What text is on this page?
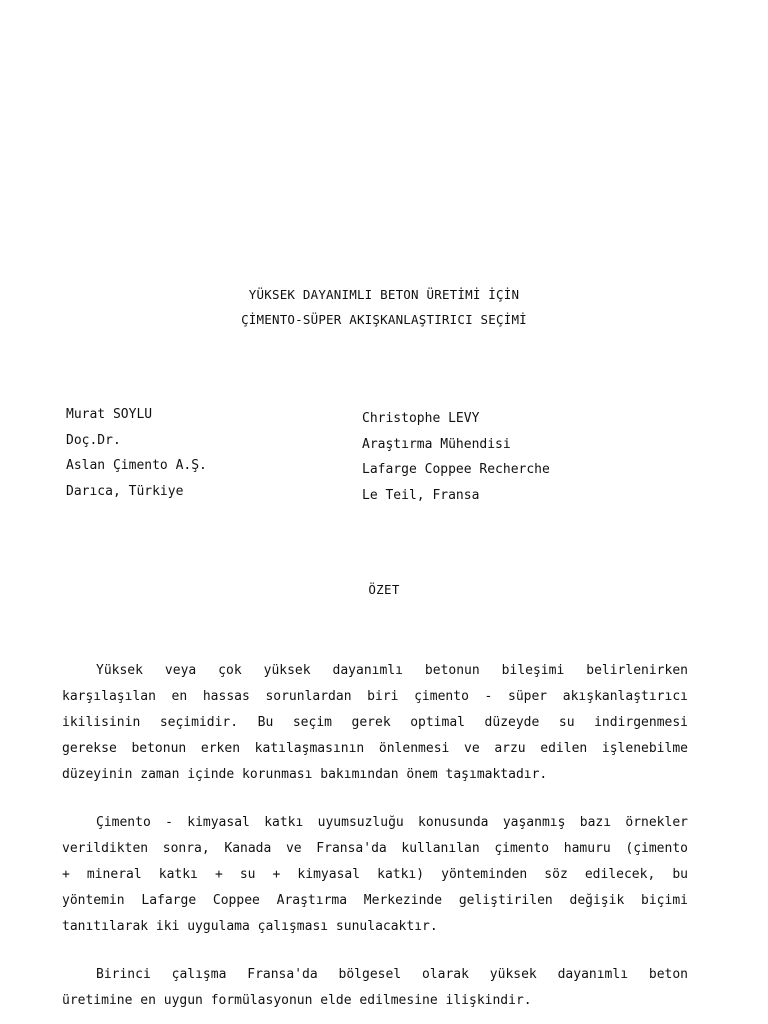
YÜKSEK DAYANIMLI BETON ÜRETİMİ İÇİN
ÇİMENTO-SÜPER AKIŞKANLAŞTIRICI SEÇİMİ
Murat SOYLU
Doç.Dr.
Aslan Çimento A.Ş.
Darıca, Türkiye
Christophe LEVY
Araştırma Mühendisi
Lafarge Coppee Recherche
Le Teil, Fransa
ÖZET
Yüksek veya çok yüksek dayanımlı betonun bileşimi belirlenirken
karşılaşılan en hassas sorunlardan biri çimento - süper akışkanlaştırıcı
ikilisinin seçimidir. Bu seçim gerek optimal düzeyde su indirgenmesi
gerekse betonun erken katılaşmasının önlenmesi ve arzu edilen işlenebilme
düzeyinin zaman içinde korunması bakımından önem taşımaktadır.
Çimento - kimyasal katkı uyumsuzluğu konusunda yaşanmış bazı örnekler
verildikten sonra, Kanada ve Fransa'da kullanılan çimento hamuru (çimento
+ mineral katkı + su + kimyasal katkı) yönteminden söz edilecek, bu
yöntemin Lafarge Coppee Araştırma Merkezinde geliştirilen değişik biçimi
tanıtılarak iki uygulama çalışması sunulacaktır.
Birinci çalışma Fransa'da bölgesel olarak yüksek dayanımlı beton
üretimine en uygun formülasyonun elde edilmesine ilişkindir.
